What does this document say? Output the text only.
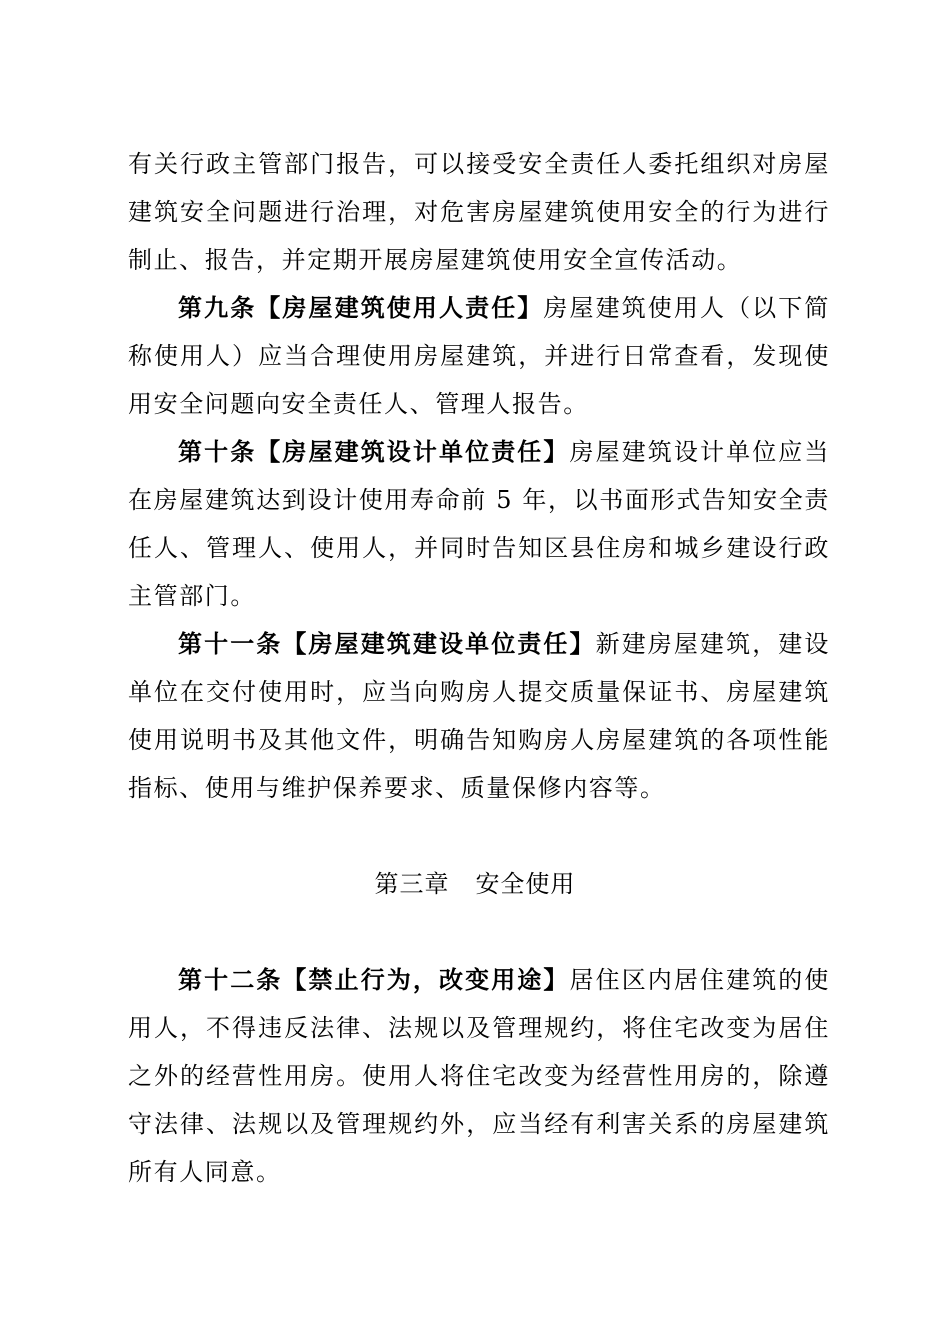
有关行政主管部门报告，可以接受安全责任人委托组织对房屋建筑安全问题进行治理，对危害房屋建筑使用安全的行为进行制止、报告，并定期开展房屋建筑使用安全宣传活动。

第九条【房屋建筑使用人责任】房屋建筑使用人（以下简称使用人）应当合理使用房屋建筑，并进行日常查看，发现使用安全问题向安全责任人、管理人报告。

第十条【房屋建筑设计单位责任】房屋建筑设计单位应当在房屋建筑达到设计使用寿命前 5 年，以书面形式告知安全责任人、管理人、使用人，并同时告知区县住房和城乡建设行政主管部门。

第十一条【房屋建筑建设单位责任】新建房屋建筑，建设单位在交付使用时，应当向购房人提交质量保证书、房屋建筑使用说明书及其他文件，明确告知购房人房屋建筑的各项性能指标、使用与维护保养要求、质量保修内容等。

第三章 安全使用

第十二条【禁止行为，改变用途】居住区内居住建筑的使用人，不得违反法律、法规以及管理规约，将住宅改变为居住之外的经营性用房。使用人将住宅改变为经营性用房的，除遵守法律、法规以及管理规约外，应当经有利害关系的房屋建筑所有人同意。
